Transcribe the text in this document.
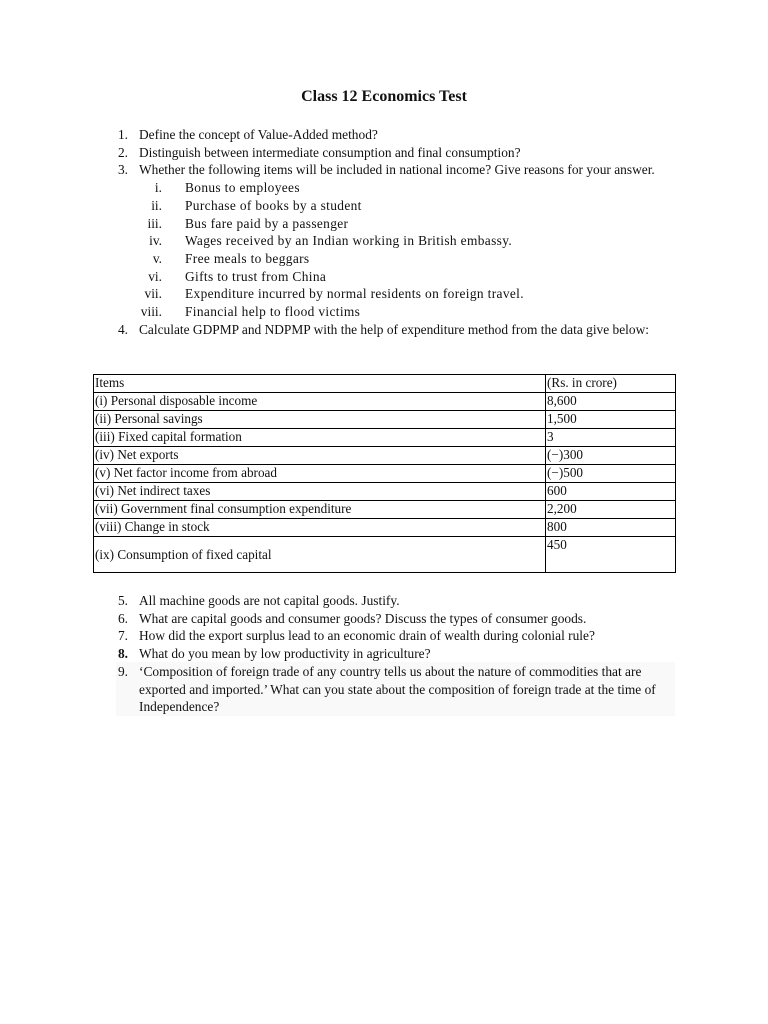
Class 12 Economics Test
1. Define the concept of Value-Added method?
2. Distinguish between intermediate consumption and final consumption?
3. Whether the following items will be included in national income? Give reasons for your answer.
i. Bonus to employees
ii. Purchase of books by a student
iii. Bus fare paid by a passenger
iv. Wages received by an Indian working in British embassy.
v. Free meals to beggars
vi. Gifts to trust from China
vii. Expenditure incurred by normal residents on foreign travel.
viii. Financial help to flood victims
4. Calculate GDPMP and NDPMP with the help of expenditure method from the data give below:
Items	(Rs. in crore)
(i) Personal disposable income	8,600
(ii) Personal savings	1,500
(iii) Fixed capital formation	3
(iv) Net exports	(−)300
(v) Net factor income from abroad	(−)500
(vi) Net indirect taxes	600
(vii) Government final consumption expenditure	2,200
(viii) Change in stock	800
(ix) Consumption of fixed capital	450
5. All machine goods are not capital goods. Justify.
6. What are capital goods and consumer goods? Discuss the types of consumer goods.
7. How did the export surplus lead to an economic drain of wealth during colonial rule?
8. What do you mean by low productivity in agriculture?
9. ‘Composition of foreign trade of any country tells us about the nature of commodities that are exported and imported.’ What can you state about the composition of foreign trade at the time of Independence?
